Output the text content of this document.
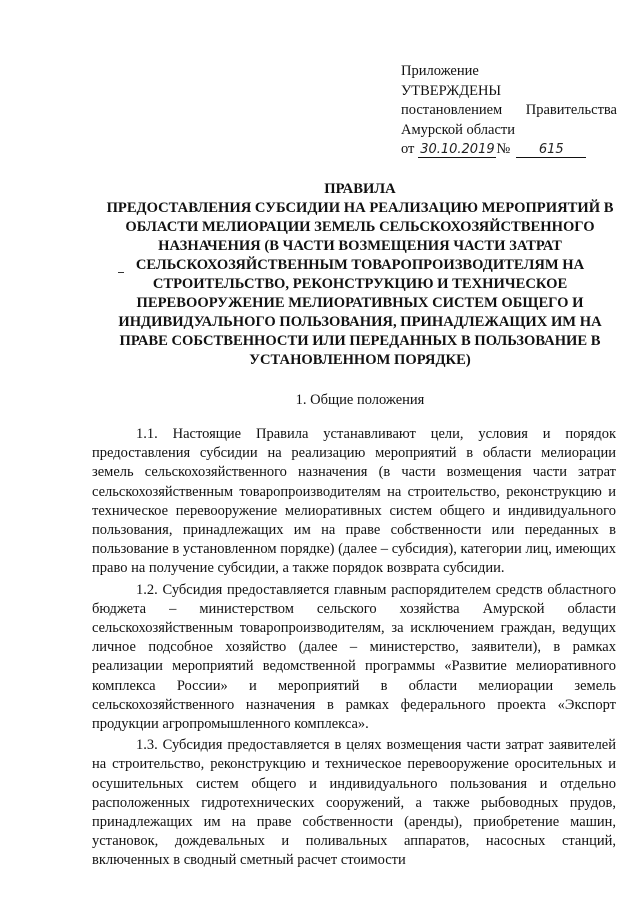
Приложение
УТВЕРЖДЕНЫ
постановлением Правительства
Амурской области
от 30.10.2019 № 615
ПРАВИЛА
ПРЕДОСТАВЛЕНИЯ СУБСИДИИ НА РЕАЛИЗАЦИЮ МЕРОПРИЯТИЙ В ОБЛАСТИ МЕЛИОРАЦИИ ЗЕМЕЛЬ СЕЛЬСКОХОЗЯЙСТВЕННОГО НАЗНАЧЕНИЯ (В ЧАСТИ ВОЗМЕЩЕНИЯ ЧАСТИ ЗАТРАТ СЕЛЬСКОХОЗЯЙСТВЕННЫМ ТОВАРОПРОИЗВОДИТЕЛЯМ НА СТРОИТЕЛЬСТВО, РЕКОНСТРУКЦИЮ И ТЕХНИЧЕСКОЕ ПЕРЕВООРУЖЕНИЕ МЕЛИОРАТИВНЫХ СИСТЕМ ОБЩЕГО И ИНДИВИДУАЛЬНОГО ПОЛЬЗОВАНИЯ, ПРИНАДЛЕЖАЩИХ ИМ НА ПРАВЕ СОБСТВЕННОСТИ ИЛИ ПЕРЕДАННЫХ В ПОЛЬЗОВАНИЕ В УСТАНОВЛЕННОМ ПОРЯДКЕ)
1. Общие положения

1.1. Настоящие Правила устанавливают цели, условия и порядок предоставления субсидии на реализацию мероприятий в области мелиорации земель сельскохозяйственного назначения (в части возмещения части затрат сельскохозяйственным товаропроизводителям на строительство, реконструкцию и техническое перевооружение мелиоративных систем общего и индивидуального пользования, принадлежащих им на праве собственности или переданных в пользование в установленном порядке) (далее – субсидия), категории лиц, имеющих право на получение субсидии, а также порядок возврата субсидии.

1.2. Субсидия предоставляется главным распорядителем средств областного бюджета – министерством сельского хозяйства Амурской области сельскохозяйственным товаропроизводителям, за исключением граждан, ведущих личное подсобное хозяйство (далее – министерство, заявители), в рамках реализации мероприятий ведомственной программы «Развитие мелиоративного комплекса России» и мероприятий в области мелиорации земель сельскохозяйственного назначения в рамках федерального проекта «Экспорт продукции агропромышленного комплекса».

1.3. Субсидия предоставляется в целях возмещения части затрат заявителей на строительство, реконструкцию и техническое перевооружение оросительных и осушительных систем общего и индивидуального пользования и отдельно расположенных гидротехнических сооружений, а также рыбоводных прудов, принадлежащих им на праве собственности (аренды), приобретение машин, установок, дождевальных и поливальных аппаратов, насосных станций, включенных в сводный сметный расчет стоимости
